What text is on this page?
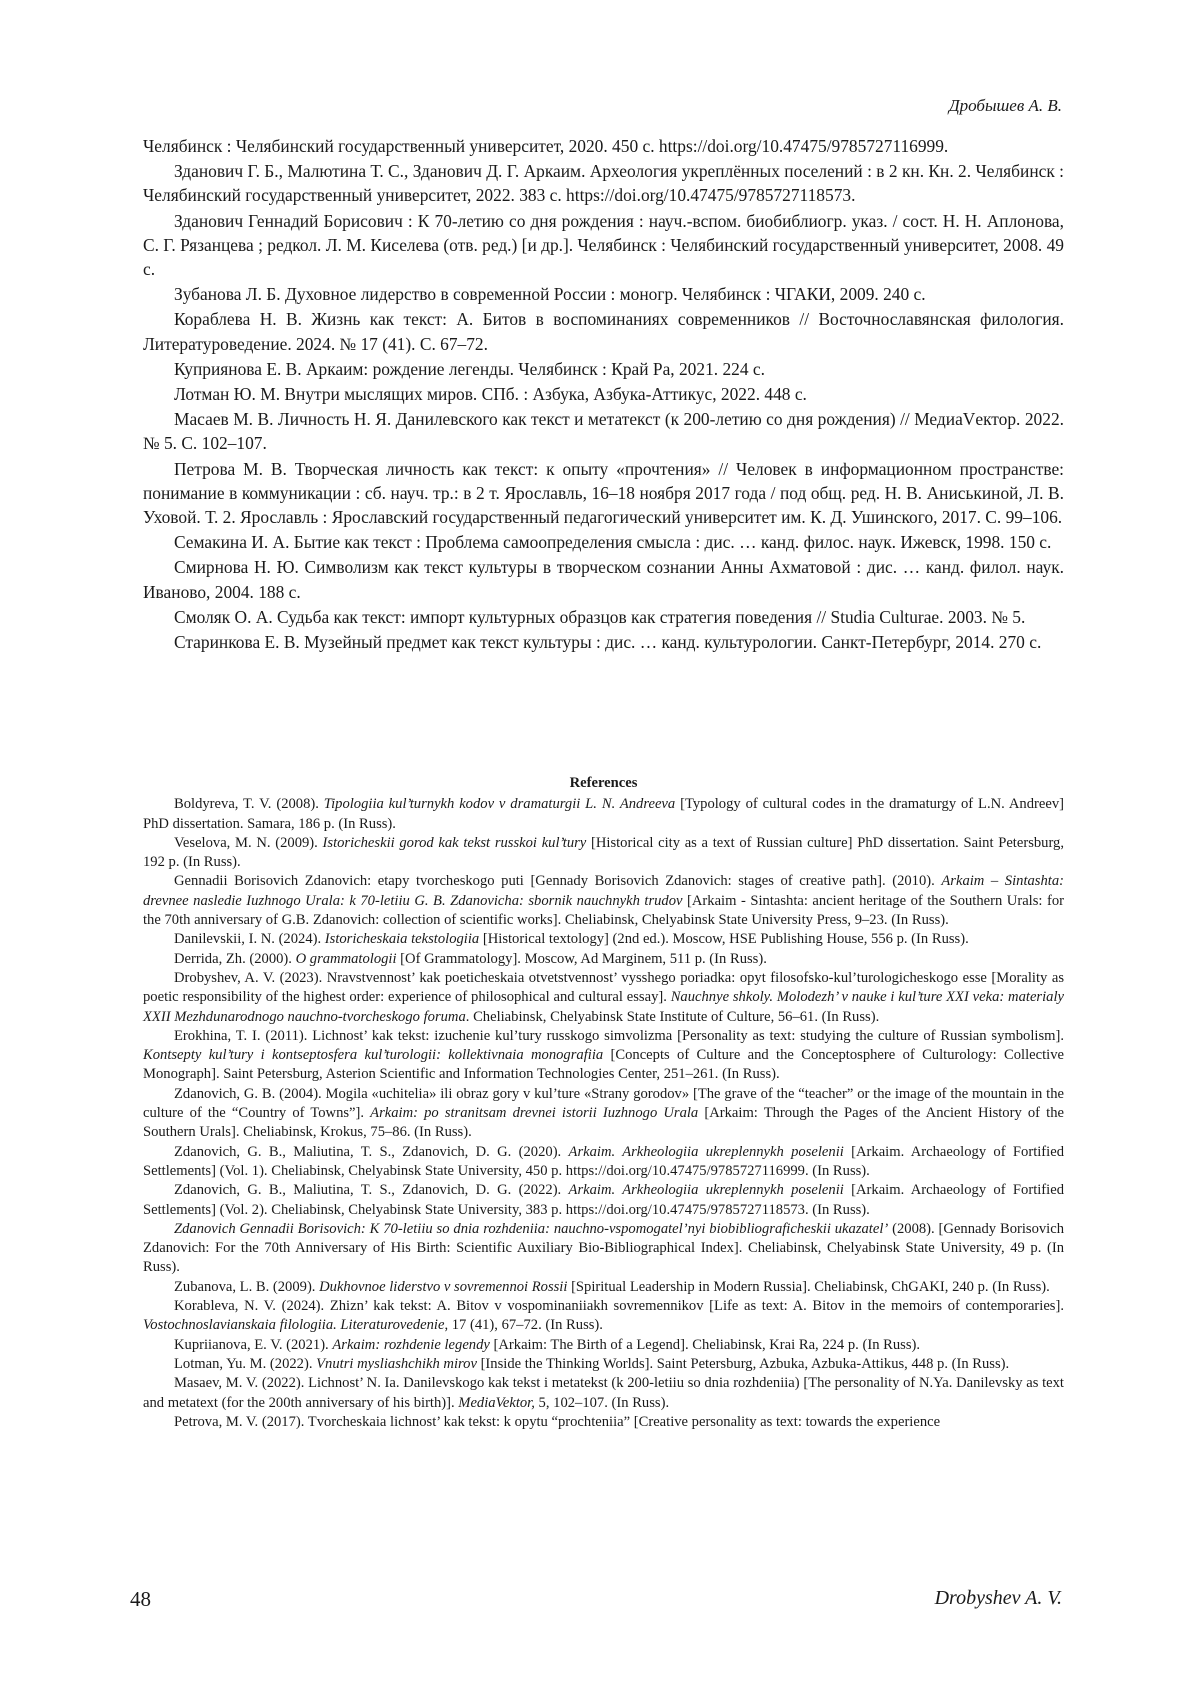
Дробышев А. В.

Челябинск : Челябинский государственный университет, 2020. 450 с. https://doi.org/10.47475/9785727116999.

Зданович Г. Б., Малютина Т. С., Зданович Д. Г. Аркаим. Археология укреплённых поселений : в 2 кн. Кн. 2. Челябинск : Челябинский государственный университет, 2022. 383 с. https://doi.org/10.47475/9785727118573.

Зданович Геннадий Борисович : К 70-летию со дня рождения : науч.-вспом. биобиблиогр. указ. / сост. Н. Н. Аплонова, С. Г. Рязанцева ; редкол. Л. М. Киселева (отв. ред.) [и др.]. Челябинск : Челябинский государственный университет, 2008. 49 с.

Зубанова Л. Б. Духовное лидерство в современной России : моногр. Челябинск : ЧГАКИ, 2009. 240 с.

Кораблева Н. В. Жизнь как текст: А. Битов в воспоминаниях современников // Восточнославянская филология. Литературоведение. 2024. № 17 (41). С. 67–72.

Куприянова Е. В. Аркаим: рождение легенды. Челябинск : Край Ра, 2021. 224 с.

Лотман Ю. М. Внутри мыслящих миров. СПб. : Азбука, Азбука-Аттикус, 2022. 448 с.

Масаев М. В. Личность Н. Я. Данилевского как текст и метатекст (к 200-летию со дня рождения) // МедиаVектор. 2022. № 5. С. 102–107.

Петрова М. В. Творческая личность как текст: к опыту «прочтения» // Человек в информационном пространстве: понимание в коммуникации : сб. науч. тр.: в 2 т. Ярославль, 16–18 ноября 2017 года / под общ. ред. Н. В. Аниськиной, Л. В. Уховой. Т. 2. Ярославль : Ярославский государственный педагогический университет им. К. Д. Ушинского, 2017. С. 99–106.

Семакина И. А. Бытие как текст : Проблема самоопределения смысла : дис. … канд. филос. наук. Ижевск, 1998. 150 с.

Смирнова Н. Ю. Символизм как текст культуры в творческом сознании Анны Ахматовой : дис. … канд. филол. наук. Иваново, 2004. 188 с.

Смоляк О. А. Судьба как текст: импорт культурных образцов как стратегия поведения // Studia Culturae. 2003. № 5.

Старинкова Е. В. Музейный предмет как текст культуры : дис. … канд. культурологии. Санкт-Петербург, 2014. 270 с.

References

Boldyreva, T. V. (2008). Tipologiia kul’turnykh kodov v dramaturgii L. N. Andreeva [Typology of cultural codes in the dramaturgy of L.N. Andreev] PhD dissertation. Samara, 186 p. (In Russ).

Veselova, M. N. (2009). Istoricheskii gorod kak tekst russkoi kul’tury [Historical city as a text of Russian culture] PhD dissertation. Saint Petersburg, 192 p. (In Russ).

Gennadii Borisovich Zdanovich: etapy tvorcheskogo puti [Gennady Borisovich Zdanovich: stages of creative path]. (2010). Arkaim – Sintashta: drevnee nasledie Iuzhnogo Urala: k 70-letiiu G. B. Zdanovicha: sbornik nauchnykh trudov [Arkaim - Sintashta: ancient heritage of the Southern Urals: for the 70th anniversary of G.B. Zdanovich: collection of scientific works]. Cheliabinsk, Chelyabinsk State University Press, 9–23. (In Russ).

Danilevskii, I. N. (2024). Istoricheskaia tekstologiia [Historical textology] (2nd ed.). Moscow, HSE Publishing House, 556 p. (In Russ).

Derrida, Zh. (2000). O grammatologii [Of Grammatology]. Moscow, Ad Marginem, 511 p. (In Russ).

Drobyshev, A. V. (2023). Nravstvennost’ kak poeticheskaia otvetstvennost’ vysshego poriadka: opyt filosofsko-kul’turologicheskogo esse [Morality as poetic responsibility of the highest order: experience of philosophical and cultural essay]. Nauchnye shkoly. Molodezh’ v nauke i kul’ture XXI veka: materialy XXII Mezhdunarodnogo nauchno-tvorcheskogo foruma. Cheliabinsk, Chelyabinsk State Institute of Culture, 56–61. (In Russ).

Erokhina, T. I. (2011). Lichnost’ kak tekst: izuchenie kul’tury russkogo simvolizma [Personality as text: studying the culture of Russian symbolism]. Kontsepty kul’tury i kontseptosfera kul’turologii: kollektivnaia monografiia [Concepts of Culture and the Conceptosphere of Culturology: Collective Monograph]. Saint Petersburg, Asterion Scientific and Information Technologies Center, 251–261. (In Russ).

Zdanovich, G. B. (2004). Mogila «uchitelia» ili obraz gory v kul’ture «Strany gorodov» [The grave of the “teacher” or the image of the mountain in the culture of the “Country of Towns”]. Arkaim: po stranitsam drevnei istorii Iuzhnogo Urala [Arkaim: Through the Pages of the Ancient History of the Southern Urals]. Cheliabinsk, Krokus, 75–86. (In Russ).

Zdanovich, G. B., Maliutina, T. S., Zdanovich, D. G. (2020). Arkaim. Arkheologiia ukreplennykh poselenii [Arkaim. Archaeology of Fortified Settlements] (Vol. 1). Cheliabinsk, Chelyabinsk State University, 450 p. https://doi.org/10.47475/9785727116999. (In Russ).

Zdanovich, G. B., Maliutina, T. S., Zdanovich, D. G. (2022). Arkaim. Arkheologiia ukreplennykh poselenii [Arkaim. Archaeology of Fortified Settlements] (Vol. 2). Cheliabinsk, Chelyabinsk State University, 383 p. https://doi.org/10.47475/9785727118573. (In Russ).

Zdanovich Gennadii Borisovich: K 70-letiiu so dnia rozhdeniia: nauchno-vspomogatel’nyi biobibliograficheskii ukazatel’ (2008). [Gennady Borisovich Zdanovich: For the 70th Anniversary of His Birth: Scientific Auxiliary Bio-Bibliographical Index]. Cheliabinsk, Chelyabinsk State University, 49 p. (In Russ).

Zubanova, L. B. (2009). Dukhovnoe liderstvo v sovremennoi Rossii [Spiritual Leadership in Modern Russia]. Cheliabinsk, ChGAKI, 240 p. (In Russ).

Korableva, N. V. (2024). Zhizn’ kak tekst: A. Bitov v vospominaniiakh sovremennikov [Life as text: A. Bitov in the memoirs of contemporaries]. Vostochnoslavianskaia filologiia. Literaturovedenie, 17 (41), 67–72. (In Russ).

Kupriianova, E. V. (2021). Arkaim: rozhdenie legendy [Arkaim: The Birth of a Legend]. Cheliabinsk, Krai Ra, 224 p. (In Russ).

Lotman, Yu. M. (2022). Vnutri mysliashchikh mirov [Inside the Thinking Worlds]. Saint Petersburg, Azbuka, Azbuka-Attikus, 448 p. (In Russ).

Masaev, M. V. (2022). Lichnost’ N. Ia. Danilevskogo kak tekst i metatekst (k 200-letiiu so dnia rozhdeniia) [The personality of N.Ya. Danilevsky as text and metatext (for the 200th anniversary of his birth)]. MediaVektor, 5, 102–107. (In Russ).

Petrova, M. V. (2017). Tvorcheskaia lichnost’ kak tekst: k opytu “prochteniia” [Creative personality as text: towards the experience

48	Drobyshev A. V.
